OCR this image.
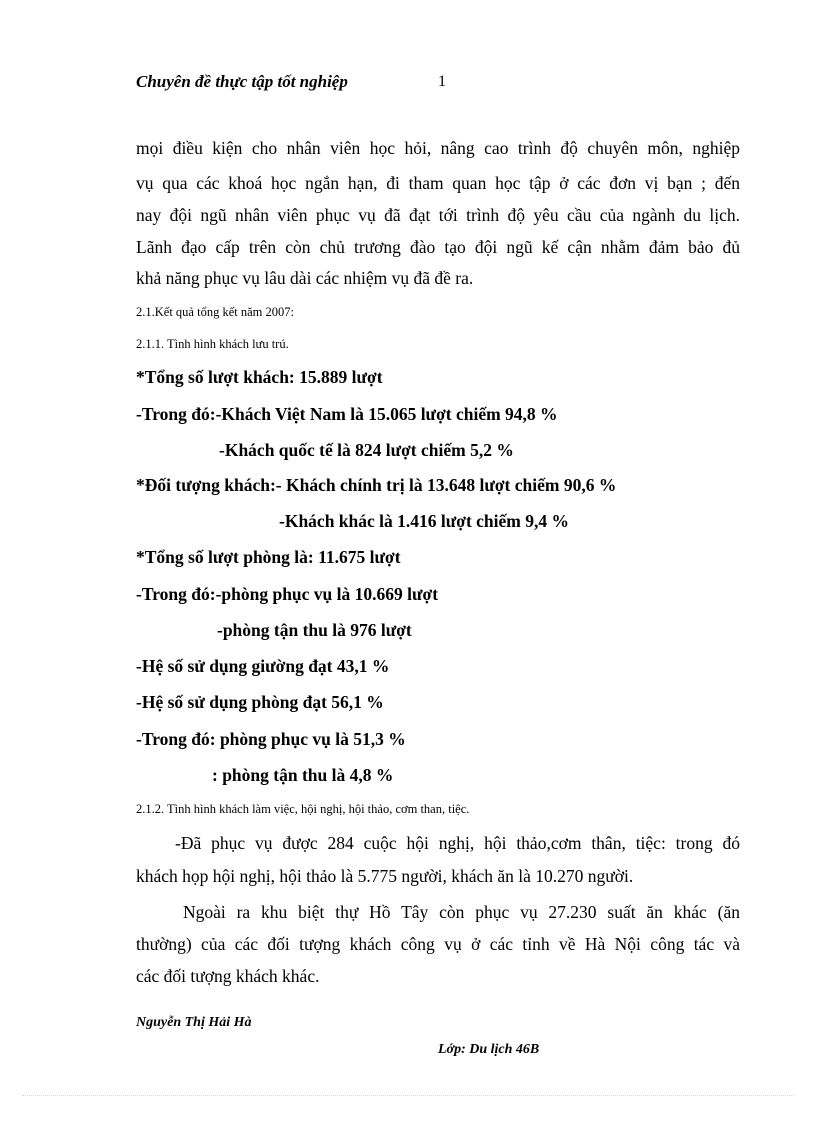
Chuyên đề thực tập tốt nghiệp	1
mọi điều kiện cho nhân viên học hỏi, nâng cao trình độ chuyên môn, nghiệp
vụ qua các khoá học ngắn hạn, đi tham quan học tập ở các đơn vị bạn ; đến
nay đội ngũ nhân viên phục vụ đã đạt tới trình độ yêu cầu của ngành du lịch.
Lãnh đạo cấp trên còn chủ trương đào tạo đội ngũ kế cận nhằm đảm bảo đủ
khả năng phục vụ lâu dài các nhiệm vụ đã đề ra.
2.1.Kết quả tổng kết năm 2007:
2.1.1. Tình hình khách lưu trú.
*Tổng số lượt khách: 15.889 lượt
-Trong đó:-Khách Việt Nam là 15.065 lượt chiếm 94,8 %
-Khách quốc tế là 824 lượt chiếm 5,2 %
*Đối tượng khách:- Khách chính trị là 13.648 lượt chiếm 90,6 %
-Khách khác là 1.416 lượt chiếm 9,4 %
*Tổng số lượt phòng là: 11.675 lượt
-Trong đó:-phòng phục vụ là 10.669 lượt
-phòng tận thu là 976 lượt
-Hệ số sử dụng giường đạt 43,1 %
-Hệ số sử dụng phòng đạt 56,1 %
-Trong đó: phòng phục vụ là 51,3 %
: phòng tận thu là 4,8 %
2.1.2. Tình hình khách làm việc, hội nghị, hội thảo, cơm than, tiệc.
-Đã phục vụ được 284 cuộc hội nghị, hội thảo,cơm thân, tiệc: trong đó
khách họp hội nghị, hội thảo là 5.775 người, khách ăn là 10.270 người.
Ngoài ra khu biệt thự Hồ Tây còn phục vụ 27.230 suất ăn khác (ăn
thường) của các đối tượng khách công vụ ở các tỉnh về Hà Nội công tác và
các đối tượng khách khác.
Nguyễn Thị Hải Hà
Lớp: Du lịch 46B
